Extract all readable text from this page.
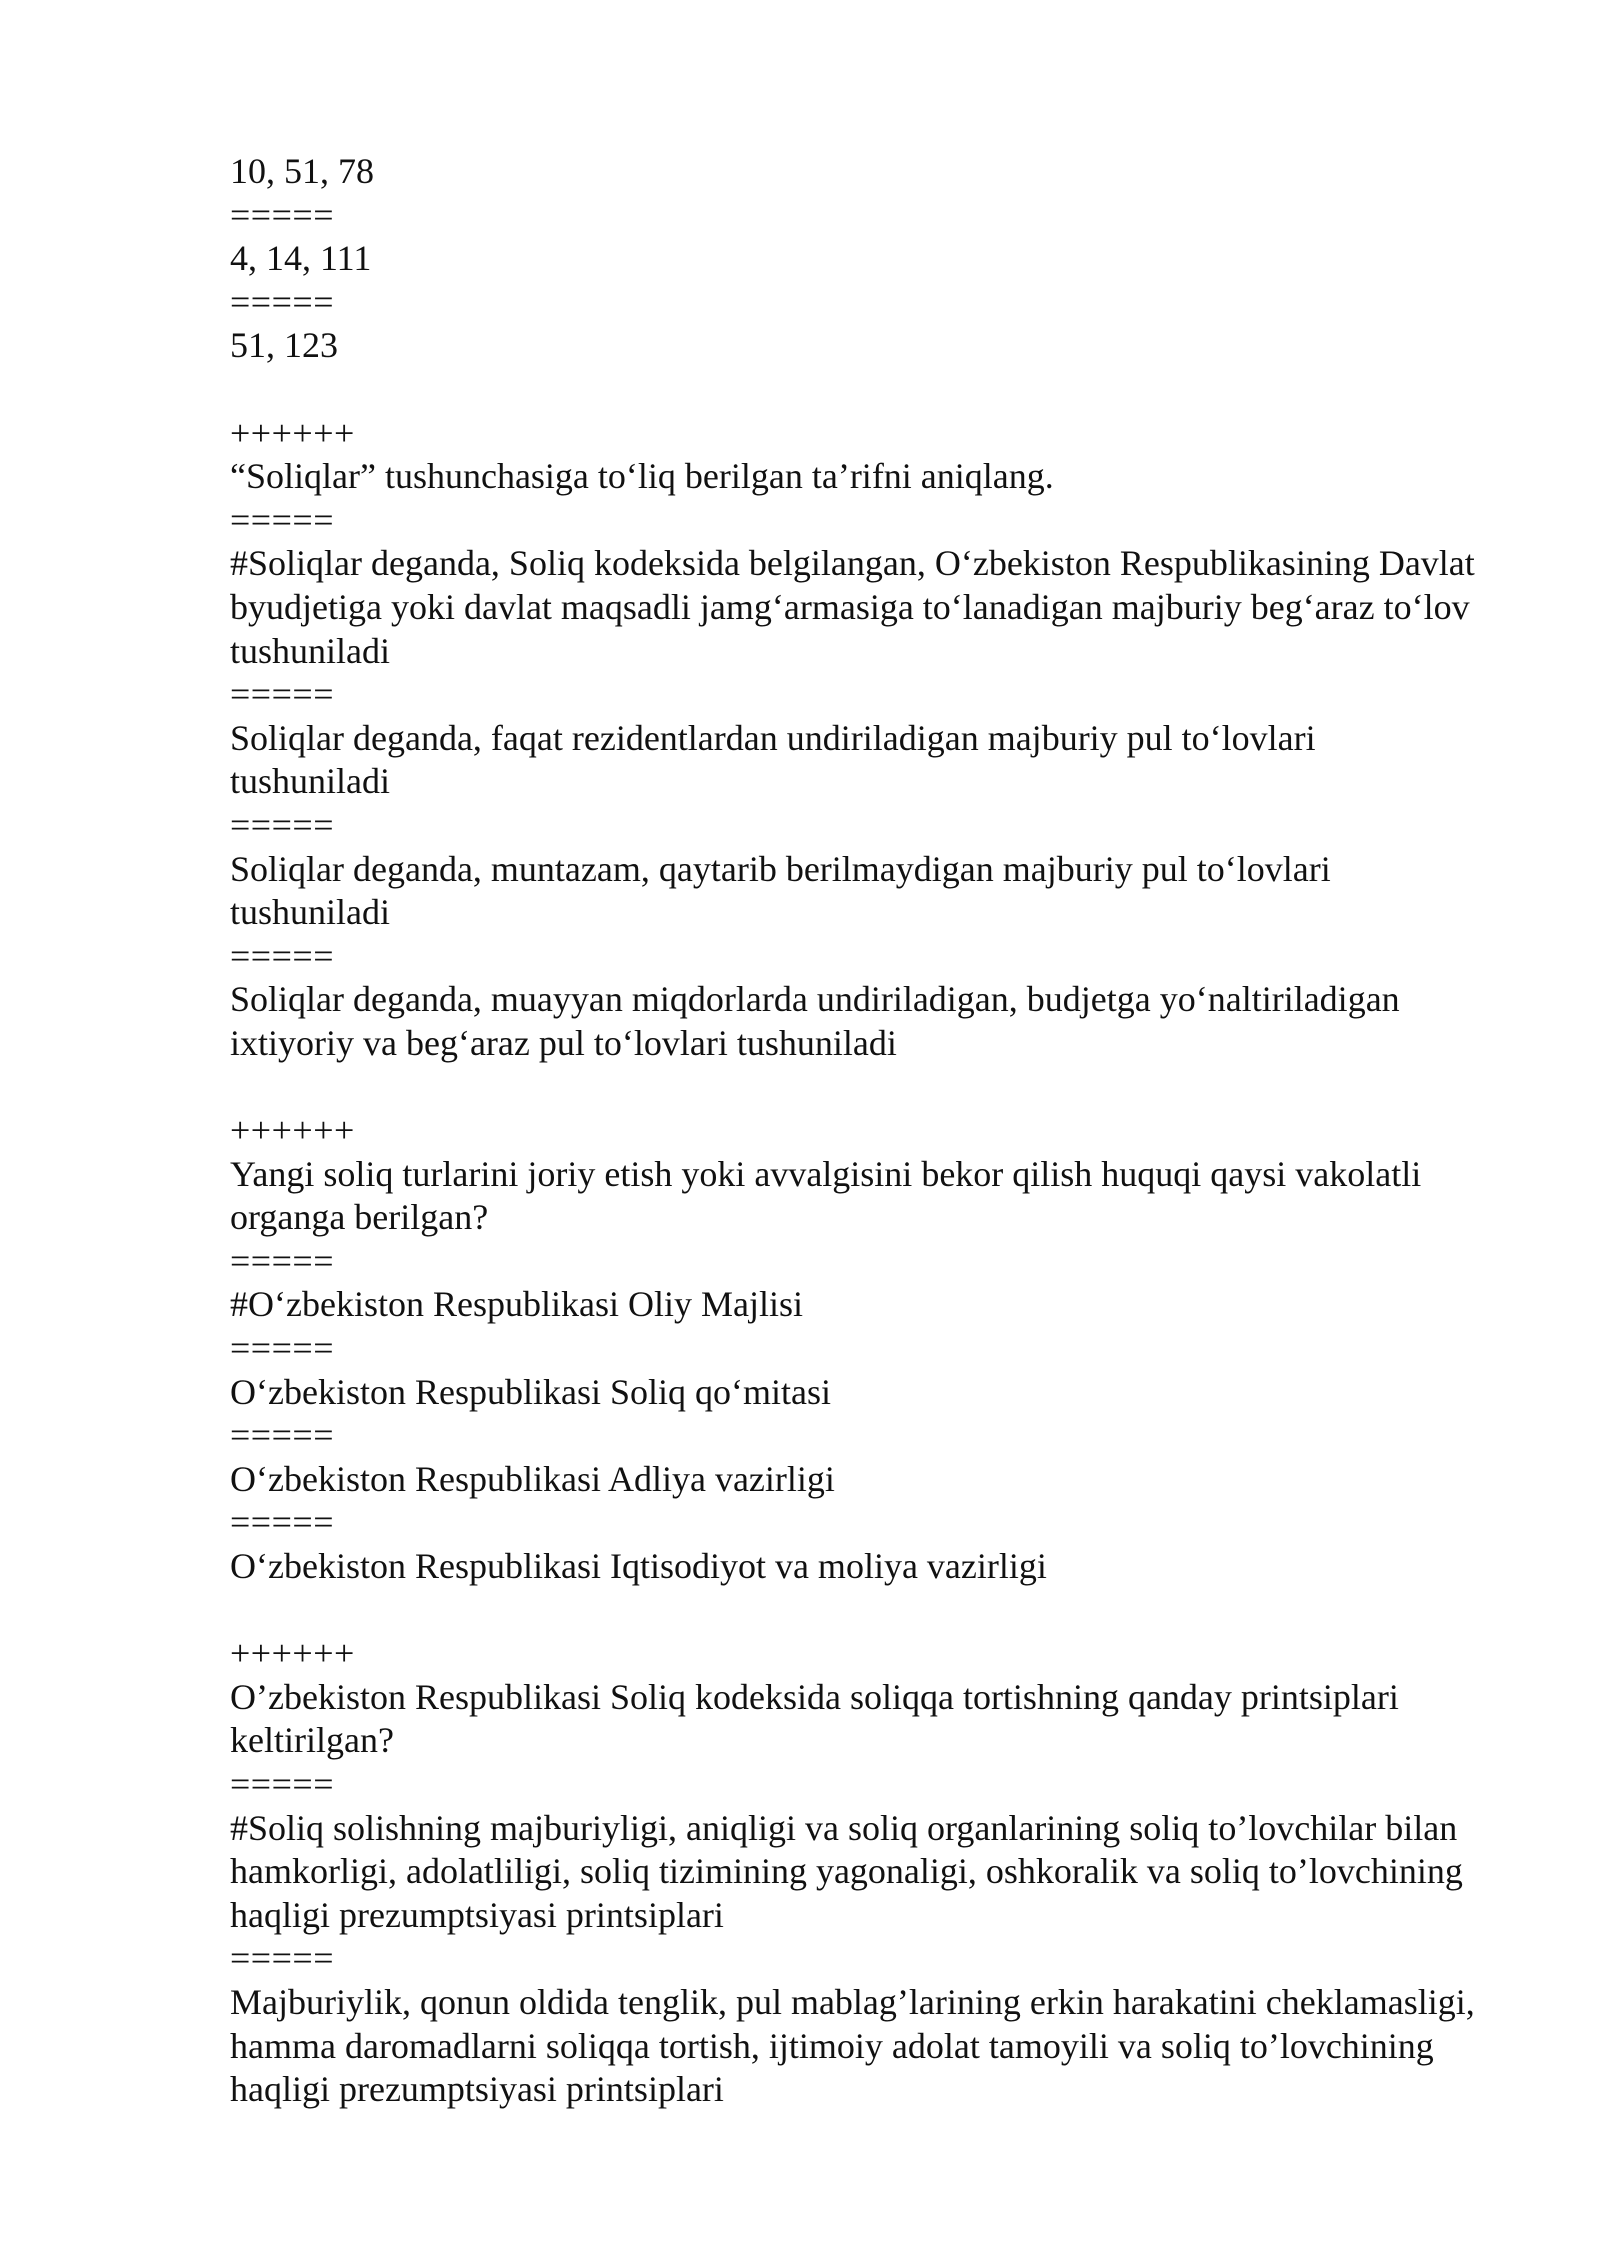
10, 51, 78
=====
4, 14, 111
=====
51, 123
++++++
“Soliqlar” tushunchasiga to‘liq berilgan ta’rifni aniqlang.
=====
#Soliqlar deganda, Soliq kodeksida belgilangan, O‘zbekiston Respublikasining Davlat byudjetiga yoki davlat maqsadli jamg‘armasiga to‘lanadigan majburiy beg‘araz to‘lov tushuniladi
=====
Soliqlar deganda, faqat rezidentlardan undiriladigan majburiy pul to‘lovlari tushuniladi
=====
Soliqlar deganda, muntazam, qaytarib berilmaydigan majburiy pul to‘lovlari tushuniladi
=====
Soliqlar deganda, muayyan miqdorlarda undiriladigan, budjetga yo‘naltiriladigan ixtiyoriy va beg‘araz pul to‘lovlari tushuniladi
++++++
Yangi soliq turlarini joriy etish yoki avvalgisini bekor qilish huquqi qaysi vakolatli organga berilgan?
=====
#O‘zbekiston Respublikasi Oliy Majlisi
=====
O‘zbekiston Respublikasi Soliq qo‘mitasi
=====
O‘zbekiston Respublikasi Adliya vazirligi
=====
O‘zbekiston Respublikasi Iqtisodiyot va moliya vazirligi
++++++
O’zbekiston Respublikasi Soliq kodeksida soliqqa tortishning qanday printsiplari keltirilgan?
=====
#Soliq solishning majburiyligi, aniqligi va soliq organlarining soliq to’lovchilar bilan hamkorligi, adolatliligi, soliq tizimining yagonaligi, oshkoralik va soliq to’lovchining haqligi prezumptsiyasi printsiplari
=====
Majburiylik, qonun oldida tenglik, pul mablag’larining erkin harakatini cheklamasligi, hamma daromadlarni soliqqa tortish, ijtimoiy adolat tamoyili va soliq to’lovchining haqligi prezumptsiyasi printsiplari
